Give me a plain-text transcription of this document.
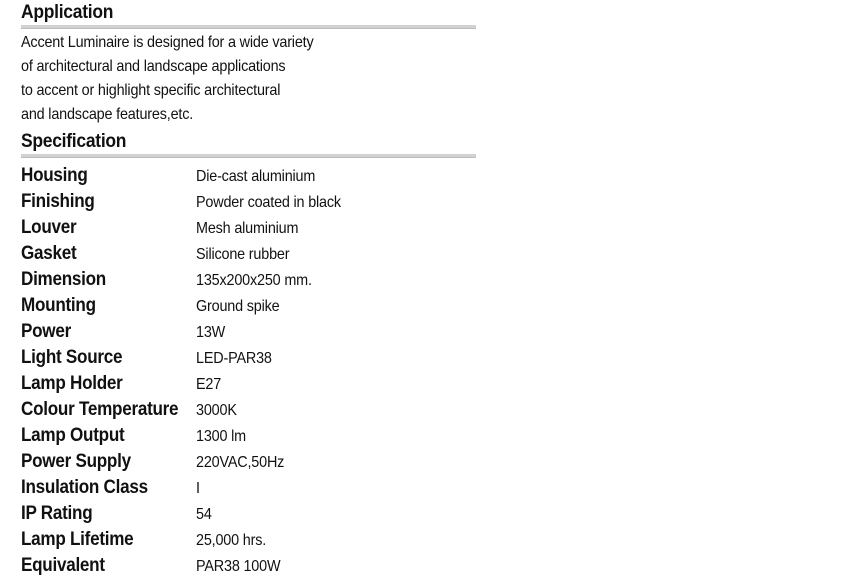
Application
Accent Luminaire is designed for a wide variety
of architectural and landscape applications
to accent or highlight specific architectural
and landscape features,etc.
Specification
Housing	Die-cast aluminium
Finishing	Powder coated in black
Louver	Mesh aluminium
Gasket	Silicone rubber
Dimension	135x200x250 mm.
Mounting	Ground spike
Power	13W
Light Source	LED-PAR38
Lamp Holder	E27
Colour Temperature	3000K
Lamp Output	1300 lm
Power Supply	220VAC,50Hz
Insulation Class	I
IP Rating	54
Lamp Lifetime	25,000 hrs.
Equivalent	PAR38 100W
